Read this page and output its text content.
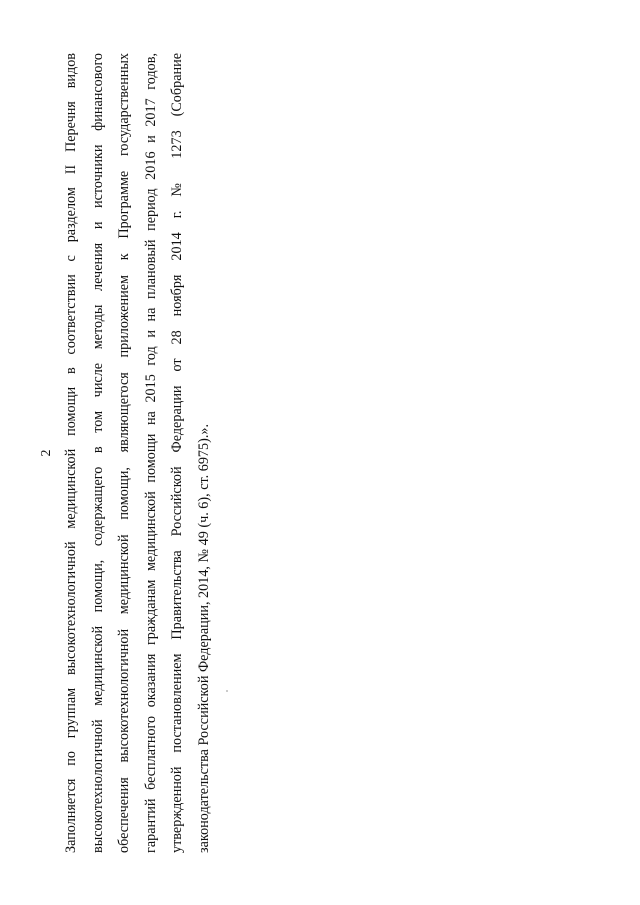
2 Заполняется по группам высокотехнологичной медицинской помощи в соответствии с разделом II Перечня видов высокотехнологичной медицинской помощи, содержащего в том числе методы лечения и источники финансового обеспечения высокотехнологичной медицинской помощи, являющегося приложением к Программе государственных гарантий бесплатного оказания гражданам медицинской помощи на 2015 год и на плановый период 2016 и 2017 годов, утвержденной постановлением Правительства Российской Федерации от 28 ноября 2014 г. № 1273 (Собрание законодательства Российской Федерации, 2014, № 49 (ч. 6), ст. 6975).».
